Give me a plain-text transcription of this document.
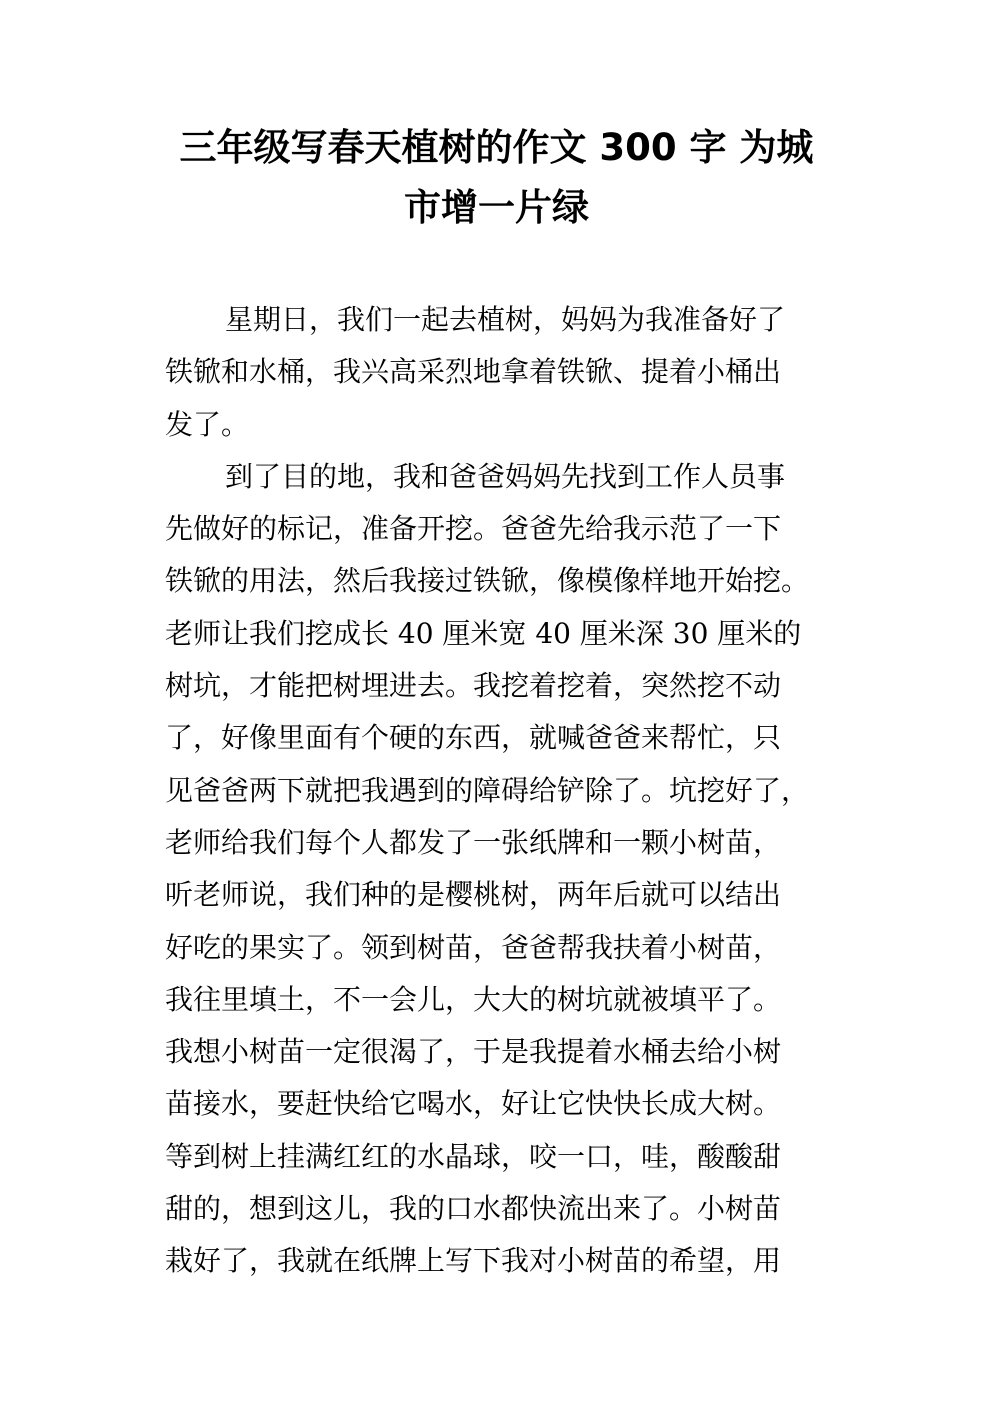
三年级写春天植树的作文 300 字 为城
市增一片绿
星期日，我们一起去植树，妈妈为我准备好了
铁锨和水桶，我兴高采烈地拿着铁锨、提着小桶出
发了。
到了目的地，我和爸爸妈妈先找到工作人员事
先做好的标记，准备开挖。爸爸先给我示范了一下
铁锨的用法，然后我接过铁锨，像模像样地开始挖。
老师让我们挖成长 40 厘米宽 40 厘米深 30 厘米的
树坑，才能把树埋进去。我挖着挖着，突然挖不动
了，好像里面有个硬的东西，就喊爸爸来帮忙，只
见爸爸两下就把我遇到的障碍给铲除了。坑挖好了，
老师给我们每个人都发了一张纸牌和一颗小树苗，
听老师说，我们种的是樱桃树，两年后就可以结出
好吃的果实了。领到树苗，爸爸帮我扶着小树苗，
我往里填土，不一会儿，大大的树坑就被填平了。
我想小树苗一定很渴了，于是我提着水桶去给小树
苗接水，要赶快给它喝水，好让它快快长成大树。
等到树上挂满红红的水晶球，咬一口，哇，酸酸甜
甜的，想到这儿，我的口水都快流出来了。小树苗
栽好了，我就在纸牌上写下我对小树苗的希望，用
